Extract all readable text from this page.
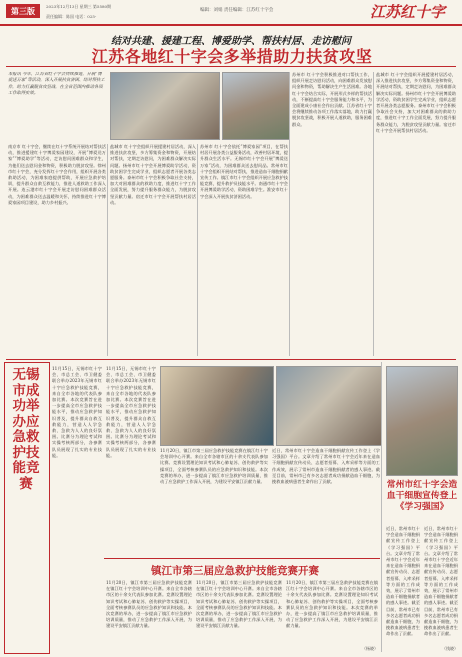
第三版	2023年12月13日 星期三 第5580期
责任编辑：陈国 电话：025-
编辑：刘娟 责任编辑：江苏红十字会	江苏红十字
结对共建、援建工程、博爱助学、帮扶村居、走访慰问
江苏各地红十字会多举措助力扶贫攻坚
本报讯 今年，江苏省红十字会持续推进，开展“博爱送万家”等活动，深入开展扶贫济困、结对帮扶工作，助力打赢脱贫攻坚战，在全省范围内推动各项工作取得实效。
南京市 红十字会，继续在红十字系统开展结对帮扶活动，推进援建红十字博爱家园建设，开展“博爱送万家”“博爱助学”等活动，走访慰问困难群众和学生，为他们送去慰问金和物资，积极助力脱贫攻坚。徐州市红十字会，充分发挥红十字会作用，组织开展各类救助活动，为困难家庭提供帮助，开展应急救护培训，提升群众自救互救能力，推进人道救助工作深入开展。连云港市红十字会开展走访慰问困难群众活动，为困难群众送去温暖和关怀，持续推进红十字博爱家园项目建设，助力乡村振兴。
盐城市 红十字会组织开展援建村居活动，深入推进扶贫攻坚，多方筹集资金和物资，开展结对帮扶，定期走访慰问，为困难群众解决实际问题。扬州市红十字会开展博爱助学活动，资助贫困学生完成学业，组织志愿者开展各类志愿服务。泰州市红十字会积极争取社会支持，加大对困难群众的救助力度，推进红十字工作全面发展，努力提升服务群众能力，为脱贫攻坚贡献力量。宿迁市红十字会开展帮扶村居活动。
苏州市 红十字会依托“博爱家园”项目，在帮扶村居开展各类公益服务活动，改善村居环境，提升群众生活水平。无锡市红十字会开展“博爱送万家”活动，为困难群众送去慰问品。常州市红十字会组织开展结对帮扶，推进造血干细胞捐献宣传工作。镇江市红十字会组织开展应急救护技能竞赛，提升救护员技能水平。南通市红十字会开展博爱助学活动，资助困难学生。淮安市红十字会深入开展扶贫济困活动。
苏州市 红十字会积极推进对口帮扶工作，组织开展走访慰问活动，向困难群众发放慰问金和物资，帮助解决生产生活困难。各地红十字会结合实际，开展形式多样的帮扶活动，不断提高红十字会服务能力和水平，为全面建成小康社会作出贡献。江苏省红十字会将继续推动各项工作落实落地，助力打赢脱贫攻坚战，积极开展人道救助，服务困难群众。
盐城市 红十字会组织开展援建村居活动，深入推进扶贫攻坚，多方筹集资金和物资，开展结对帮扶，定期走访慰问，为困难群众解决实际问题。扬州市红十字会开展博爱助学活动，资助贫困学生完成学业，组织志愿者开展各类志愿服务。泰州市红十字会积极争取社会支持，加大对困难群众的救助力度，推进红十字工作全面发展，努力提升服务群众能力，为脱贫攻坚贡献力量。宿迁市红十字会开展帮扶村居活动。
无锡市成功举办应急救护技能竞赛
11月15日，无锡市红十字会、市总工会、市卫健委联合举办2023年无锡市红十字应急救护技能竞赛，来自全市各地的代表队参加比赛。本次竞赛旨在进一步提高全市应急救护技能水平，推动应急救护知识普及，提升群众自救互救能力，营造人人学急救、急救为人人的良好氛围。比赛分为理论考试和实操考核两部分，各参赛队员展现了扎实的专业技能。
11月15日，无锡市红十字会、市总工会、市卫健委联合举办2023年无锡市红十字应急救护技能竞赛，来自全市各地的代表队参加比赛。本次竞赛旨在进一步提高全市应急救护技能水平，推动应急救护知识普及，提升群众自救互救能力，营造人人学急救、急救为人人的良好氛围。比赛分为理论考试和实操考核两部分，各参赛队员展现了扎实的专业技能。
11月20日，镇江市第三届应急救护技能竞赛在镇江红十字会培训中心开赛。来自全市各辖市区的十余支代表队参加比赛。竞赛设置理论知识考试和心肺复苏、创伤救护等实操项目，全面考核参赛队员的应急救护知识和技能。本次竞赛的举办，进一步提高了镇江市应急救护培训质量，推动了应急救护工作深入开展，为建设平安镇江贡献力量。
近日，常州市红十字会造血干细胞捐献宣传工作登上《学习强国》平台。文章介绍了常州市红十字会近年来在造血干细胞捐献宣传动员、志愿者招募、入库采样等方面的工作成效，展示了常州市造血干细胞捐献者的感人事迹。截至目前，常州市已有多名志愿者成功捐献造血干细胞，为挽救血液病患者生命作出了贡献。
镇江市第三届应急救护技能竞赛开赛
11月20日，镇江市第三届应急救护技能竞赛在镇江红十字会培训中心开赛。来自全市各辖市区的十余支代表队参加比赛。竞赛设置理论知识考试和心肺复苏、创伤救护等实操项目，全面考核参赛队员的应急救护知识和技能。本次竞赛的举办，进一步提高了镇江市应急救护培训质量，推动了应急救护工作深入开展，为建设平安镇江贡献力量。
11月20日，镇江市第三届应急救护技能竞赛在镇江红十字会培训中心开赛。来自全市各辖市区的十余支代表队参加比赛。竞赛设置理论知识考试和心肺复苏、创伤救护等实操项目，全面考核参赛队员的应急救护知识和技能。本次竞赛的举办，进一步提高了镇江市应急救护培训质量，推动了应急救护工作深入开展，为建设平安镇江贡献力量。
11月20日，镇江市第三届应急救护技能竞赛在镇江红十字会培训中心开赛。来自全市各辖市区的十余支代表队参加比赛。竞赛设置理论知识考试和心肺复苏、创伤救护等实操项目，全面考核参赛队员的应急救护知识和技能。本次竞赛的举办，进一步提高了镇江市应急救护培训质量，推动了应急救护工作深入开展，为建设平安镇江贡献力量。
（杨晓）
常州市红十字会造血干细胞宣传登上《学习强国》
近日，常州市红十字会造血干细胞捐献宣传工作登上《学习强国》平台。文章介绍了常州市红十字会近年来在造血干细胞捐献宣传动员、志愿者招募、入库采样等方面的工作成效，展示了常州市造血干细胞捐献者的感人事迹。截至目前，常州市已有多名志愿者成功捐献造血干细胞，为挽救血液病患者生命作出了贡献。
近日，常州市红十字会造血干细胞捐献宣传工作登上《学习强国》平台。文章介绍了常州市红十字会近年来在造血干细胞捐献宣传动员、志愿者招募、入库采样等方面的工作成效，展示了常州市造血干细胞捐献者的感人事迹。截至目前，常州市已有多名志愿者成功捐献造血干细胞，为挽救血液病患者生命作出了贡献。
（钱晓）
